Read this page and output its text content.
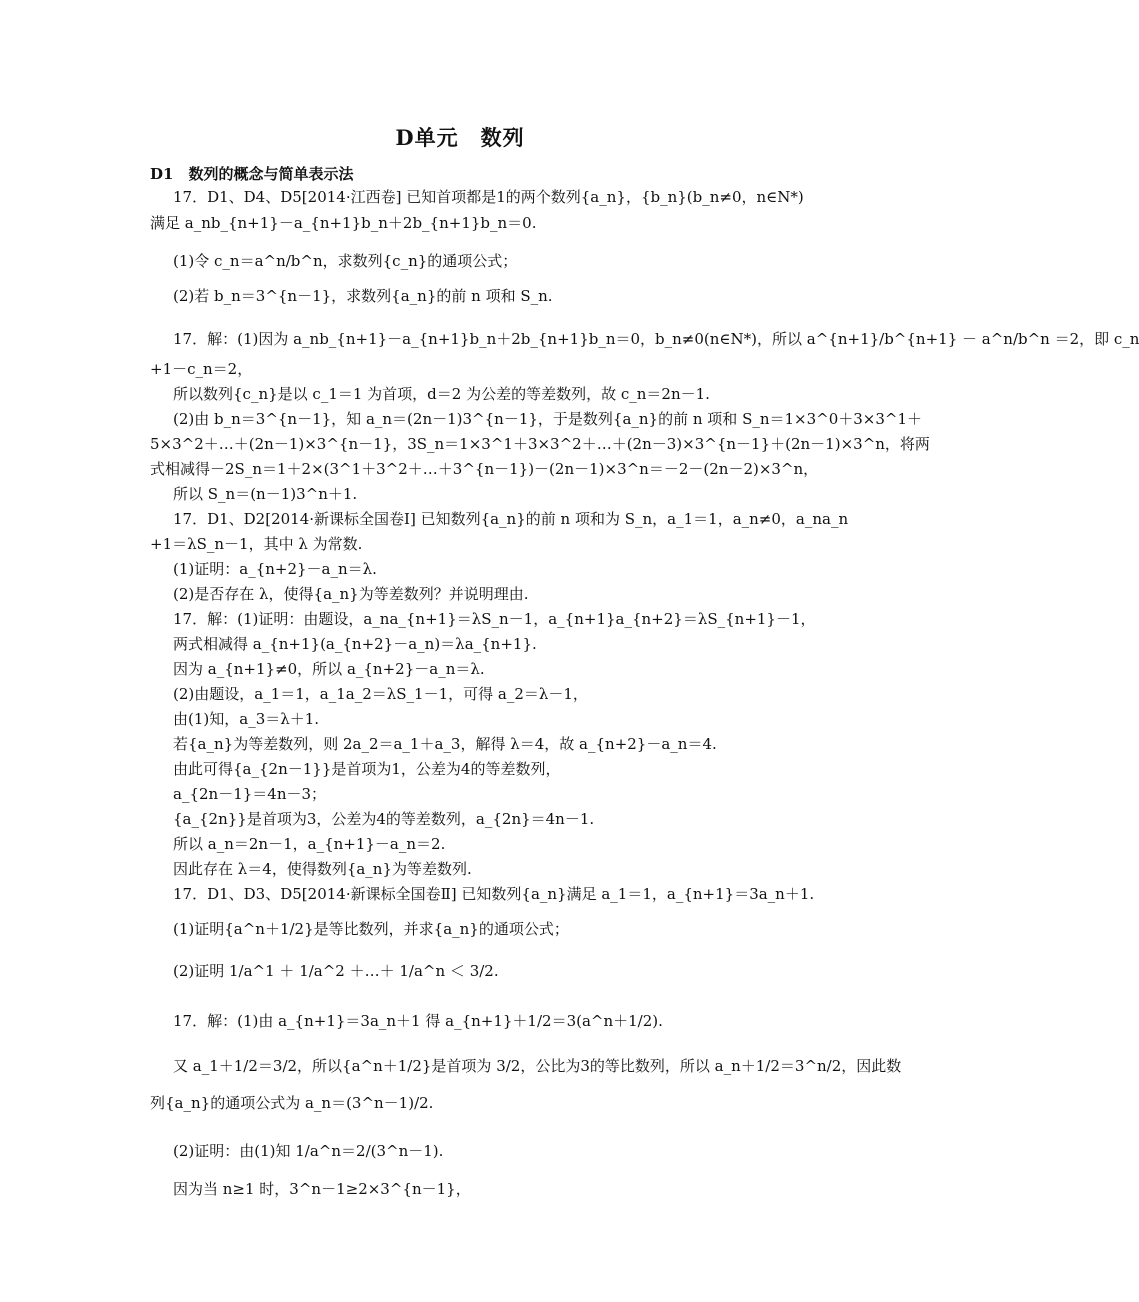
D单元　数列
D1　数列的概念与简单表示法
17．D1、D4、D5[2014·江西卷] 已知首项都是1的两个数列{a_n}，{b_n}(b_n≠0，n∈N*)
满足 a_nb_{n+1}－a_{n+1}b_n＋2b_{n+1}b_n＝0.
(1)令 c_n＝a^n/b^n，求数列{c_n}的通项公式；
(2)若 b_n＝3^{n－1}，求数列{a_n}的前 n 项和 S_n.
17．解：(1)因为 a_nb_{n+1}－a_{n+1}b_n＋2b_{n+1}b_n＝0，b_n≠0(n∈N*)，所以 a^{n+1}/b^{n+1} － a^n/b^n ＝2，即 c_n
+1－c_n＝2，
所以数列{c_n}是以 c_1＝1 为首项，d＝2 为公差的等差数列，故 c_n＝2n－1.
(2)由 b_n＝3^{n－1}，知 a_n＝(2n－1)3^{n－1}，于是数列{a_n}的前 n 项和 S_n＝1×3^0＋3×3^1＋
5×3^2＋…＋(2n－1)×3^{n－1}，3S_n＝1×3^1＋3×3^2＋…＋(2n－3)×3^{n－1}＋(2n－1)×3^n，将两
式相减得－2S_n＝1＋2×(3^1＋3^2＋…＋3^{n－1})－(2n－1)×3^n＝－2－(2n－2)×3^n，
所以 S_n＝(n－1)3^n＋1.
17．D1、D2[2014·新课标全国卷Ⅰ] 已知数列{a_n}的前 n 项和为 S_n，a_1＝1，a_n≠0，a_na_n
+1＝λS_n－1，其中 λ 为常数.
(1)证明：a_{n+2}－a_n＝λ.
(2)是否存在 λ，使得{a_n}为等差数列？并说明理由.
17．解：(1)证明：由题设，a_na_{n+1}＝λS_n－1，a_{n+1}a_{n+2}＝λS_{n+1}－1，
两式相减得 a_{n+1}(a_{n+2}－a_n)＝λa_{n+1}.
因为 a_{n+1}≠0，所以 a_{n+2}－a_n＝λ.
(2)由题设，a_1＝1，a_1a_2＝λS_1－1，可得 a_2＝λ－1，
由(1)知，a_3＝λ＋1.
若{a_n}为等差数列，则 2a_2＝a_1＋a_3，解得 λ＝4，故 a_{n+2}－a_n＝4.
由此可得{a_{2n－1}}是首项为1，公差为4的等差数列，
a_{2n－1}＝4n－3；
{a_{2n}}是首项为3，公差为4的等差数列，a_{2n}＝4n－1.
所以 a_n＝2n－1，a_{n+1}－a_n＝2.
因此存在 λ＝4，使得数列{a_n}为等差数列.
17．D1、D3、D5[2014·新课标全国卷Ⅱ] 已知数列{a_n}满足 a_1＝1，a_{n+1}＝3a_n＋1.
(1)证明{a^n＋1/2}是等比数列，并求{a_n}的通项公式；
(2)证明 1/a^1 ＋ 1/a^2 ＋…＋ 1/a^n ＜ 3/2.
17．解：(1)由 a_{n+1}＝3a_n＋1 得 a_{n+1}＋1/2＝3(a^n＋1/2).
又 a_1＋1/2＝3/2，所以{a^n＋1/2}是首项为 3/2，公比为3的等比数列，所以 a_n＋1/2＝3^n/2，因此数
列{a_n}的通项公式为 a_n＝(3^n－1)/2.
(2)证明：由(1)知 1/a^n＝2/(3^n－1).
因为当 n≥1 时，3^n－1≥2×3^{n－1}，
